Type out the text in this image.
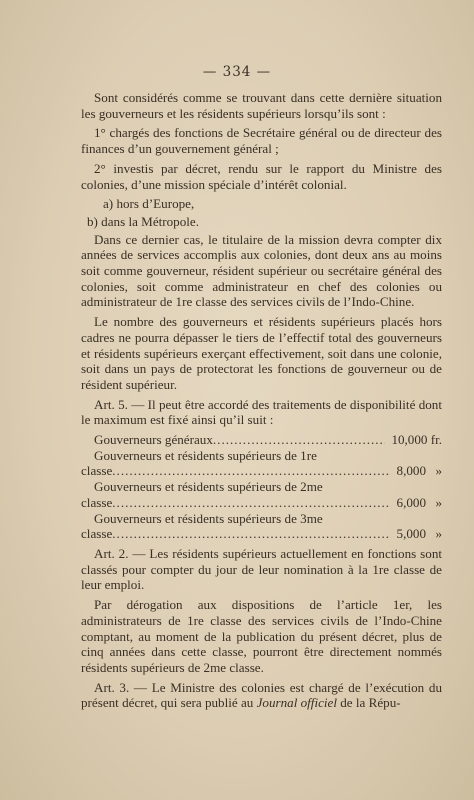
— 334 —

Sont considérés comme se trouvant dans cette dernière situation les gouverneurs et les résidents supérieurs lorsqu’ils sont :

1° chargés des fonctions de Secrétaire général ou de directeur des finances d’un gouvernement général ;

2° investis par décret, rendu sur le rapport du Ministre des colonies, d’une mission spéciale d’intérêt colonial.

a) hors d’Europe,

b) dans la Métropole.

Dans ce dernier cas, le titulaire de la mission devra compter dix années de services accomplis aux colonies, dont deux ans au moins soit comme gouverneur, résident supérieur ou secrétaire général des colonies, soit comme administrateur en chef des colonies ou administrateur de 1re classe des services civils de l’Indo-Chine.

Le nombre des gouverneurs et résidents supérieurs placés hors cadres ne pourra dépasser le tiers de l’effectif total des gouverneurs et résidents supérieurs exerçant effectivement, soit dans une colonie, soit dans un pays de protectorat les fonctions de gouverneur ou de résident supérieur.

Art. 5. — Il peut être accordé des traitements de disponibilité dont le maximum est fixé ainsi qu’il suit :

Gouverneurs généraux .....	10,000 fr.
Gouverneurs et résidents supérieurs de 1re
classe .....	8,000 »
Gouverneurs et résidents supérieurs de 2me
classe .....	6,000 »
Gouverneurs et résidents supérieurs de 3me
classe .....	5,000 »

Art. 2. — Les résidents supérieurs actuellement en fonctions sont classés pour compter du jour de leur nomination à la 1re classe de leur emploi.

Par dérogation aux dispositions de l’article 1er, les administrateurs de 1re classe des services civils de l’Indo-Chine comptant, au moment de la publication du présent décret, plus de cinq années dans cette classe, pourront être directement nommés résidents supérieurs de 2me classe.

Art. 3. — Le Ministre des colonies est chargé de l’exécution du présent décret, qui sera publié au Journal officiel de la Répu-
